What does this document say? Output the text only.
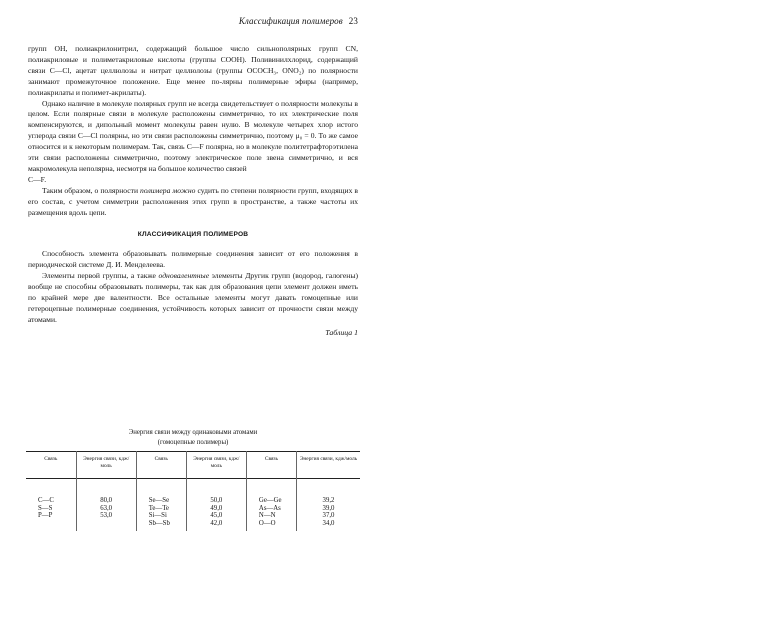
Классификация полимеров 23

групп ОН, полиакрилонитрил, содержащий большое число сильнополярных групп CN, полиакриловые и полиметакриловые кислоты (группы СООН). Поливинилхлорид, содержащий связи С—Cl, ацетат целлюлозы и нитрат целлюлозы (группы OCOCH₃, ONO₂) по полярности занимают промежуточное положение. Еще менее по-лярны полимерные эфиры (например, полиакрилаты и полимет-акрилаты).

Однако наличие в молекуле полярных групп не всегда свидетельствует о полярности молекулы в целом. Если полярные связи в молекуле расположены симметрично, то их электрические поля компенсируются, и дипольный момент молекулы равен нулю. В молекуле четырех хлор истого углерода связи С—Cl полярны, но эти связи расположены симметрично, поэтому μ₀ = 0. То же самое относится и к некоторым полимерам. Так, связь С—F полярна, но в молекуле политетрафторэтилена эти связи расположены симметрично, поэтому электрическое поле звена симметрично, и вся макромолекула неполярна, несмотря на большое количество связей

С—F.

Таким образом, о полярности полимера можно судить по степени полярности групп, входящих в его состав, с учетом симметрии расположения этих групп в пространстве, а также частоты их размещения вдоль цепи.

КЛАССИФИКАЦИЯ ПОЛИМЕРОВ

Способность элемента образовывать полимерные соединения зависит от его положения в периодической системе Д. И. Менделеева.

Элементы первой группы, а также одновалентные элементы Другик групп (водород, галогены) вообще не способны образовывать полимеры, так как для образования цепи элемент должен иметь по крайней мере две валентности. Все остальные элементы могут давать гомоцепные или гетероцепные полимерные соединения, устойчивость которых зависит от прочности связи между атомами.

Таблица 1
Энергия связи между одинаковыми атомами
(гомоцепные полимеры)
Связь	Энергия связи, кдж/моль	Связь	Энергия связи, кдж/моль	Связь	Энергия связи, кдж/моль
С—С	80,0	Se—Se	50,0	Ge—Ge	39,2
S—S	63,0	Te—Te	49,0	As—As	39,0
Р—Р	53,0	Si—Si	45,0	N—N	37,0
		Sb—Sb	42,0	О—О	34,0
